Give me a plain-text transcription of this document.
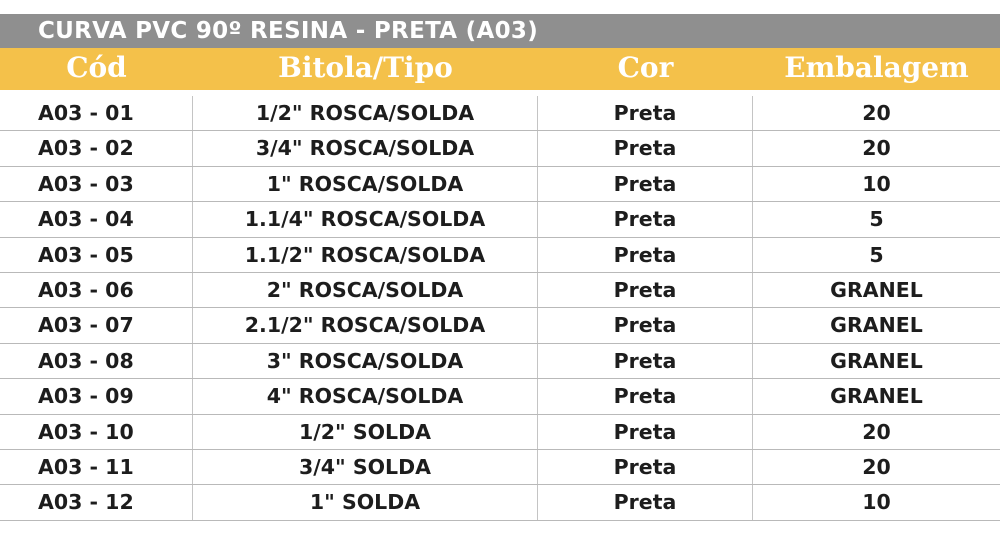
CURVA PVC 90º RESINA - PRETA (A03)
Cód	Bitola/Tipo	Cor	Embalagem
A03 - 01	1/2" ROSCA/SOLDA	Preta	20
A03 - 02	3/4" ROSCA/SOLDA	Preta	20
A03 - 03	1" ROSCA/SOLDA	Preta	10
A03 - 04	1.1/4" ROSCA/SOLDA	Preta	5
A03 - 05	1.1/2" ROSCA/SOLDA	Preta	5
A03 - 06	2" ROSCA/SOLDA	Preta	GRANEL
A03 - 07	2.1/2" ROSCA/SOLDA	Preta	GRANEL
A03 - 08	3" ROSCA/SOLDA	Preta	GRANEL
A03 - 09	4" ROSCA/SOLDA	Preta	GRANEL
A03 - 10	1/2" SOLDA	Preta	20
A03 - 11	3/4" SOLDA	Preta	20
A03 - 12	1" SOLDA	Preta	10
